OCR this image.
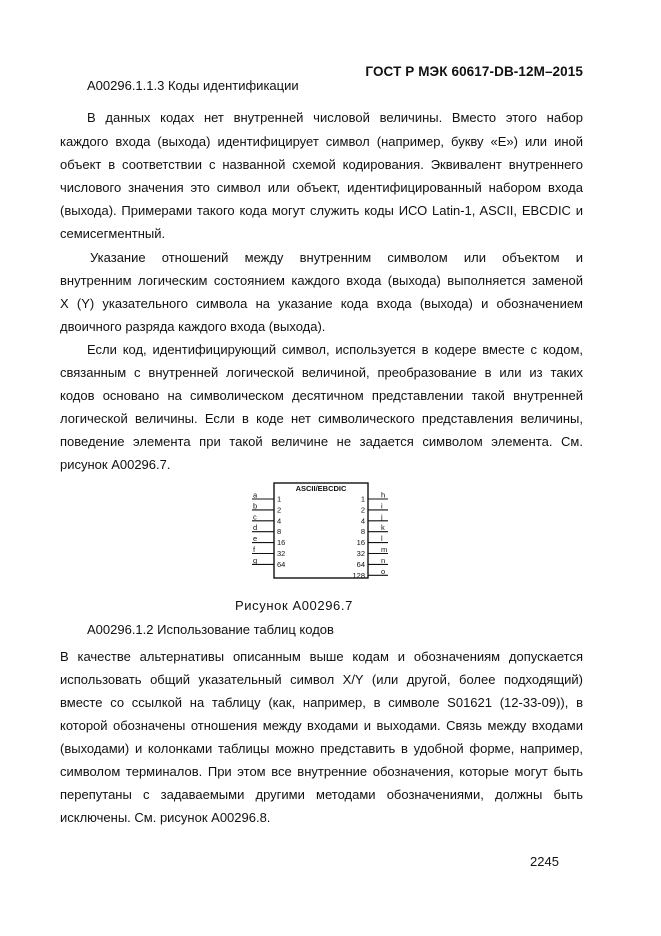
ГОСТ Р МЭК 60617-DB-12M–2015
A00296.1.1.3 Коды идентификации
В данных кодах нет внутренней числовой величины. Вместо этого набор
каждого входа (выхода) идентифицирует символ (например, букву «E») или иной
объект в соответствии с названной схемой кодирования. Эквивалент внутреннего
числового значения это символ или объект, идентифицированный набором входа
(выхода). Примерами такого кода могут служить коды ИСО Latin-1, ASCII, EBCDIC и
семисегментный.
Указание отношений между внутренним символом или объектом и
внутренним логическим состоянием каждого входа (выхода) выполняется заменой
X (Y) указательного символа на указание кода входа (выхода) и обозначением
двоичного разряда каждого входа (выхода).
Если код, идентифицирующий символ, используется в кодере вместе с кодом,
связанным с внутренней логической величиной, преобразование в или из таких
кодов основано на символическом десятичном представлении такой внутренней
логической величины. Если в коде нет символического представления величины,
поведение элемента при такой величине не задается символом элемента. См.
рисунок A00296.7.
ASCII/EBCDIC
a	1
b	2
c	4
d	8
e	16
f	32
g	64
h
1
i
2
j
4
k
8
l
16
m
32
n
64
o
128
Рисунок A00296.7
A00296.1.2 Использование таблиц кодов
В качестве альтернативы описанным выше кодам и обозначениям допускается
использовать общий указательный символ X/Y (или другой, более подходящий)
вместе со ссылкой на таблицу (как, например, в символе S01621 (12-33-09)), в
которой обозначены отношения между входами и выходами. Связь между входами
(выходами) и колонками таблицы можно представить в удобной форме, например,
символом терминалов. При этом все внутренние обозначения, которые могут быть
перепутаны с задаваемыми другими методами обозначениями, должны быть
исключены. См. рисунок A00296.8.
2245
